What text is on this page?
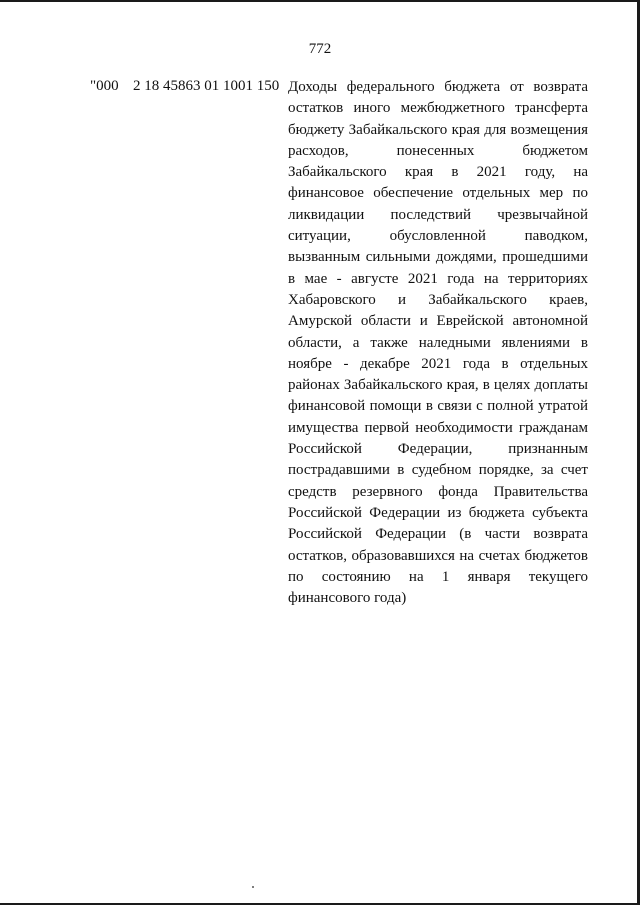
772
"000 2 18 45863 01 1001 150 Доходы федерального бюджета от возврата остатков иного межбюджетного трансферта бюджету Забайкальского края для возмещения расходов, понесенных бюджетом Забайкальского края в 2021 году, на финансовое обеспечение отдельных мер по ликвидации последствий чрезвычайной ситуации, обусловленной паводком, вызванным сильными дождями, прошедшими в мае - августе 2021 года на территориях Хабаровского и Забайкальского краев, Амурской области и Еврейской автономной области, а также наледными явлениями в ноябре - декабре 2021 года в отдельных районах Забайкальского края, в целях доплаты финансовой помощи в связи с полной утратой имущества первой необходимости гражданам Российской Федерации, признанным пострадавшими в судебном порядке, за счет средств резервного фонда Правительства Российской Федерации из бюджета субъекта Российской Федерации (в части возврата остатков, образовавшихся на счетах бюджетов по состоянию на 1 января текущего финансового года)
